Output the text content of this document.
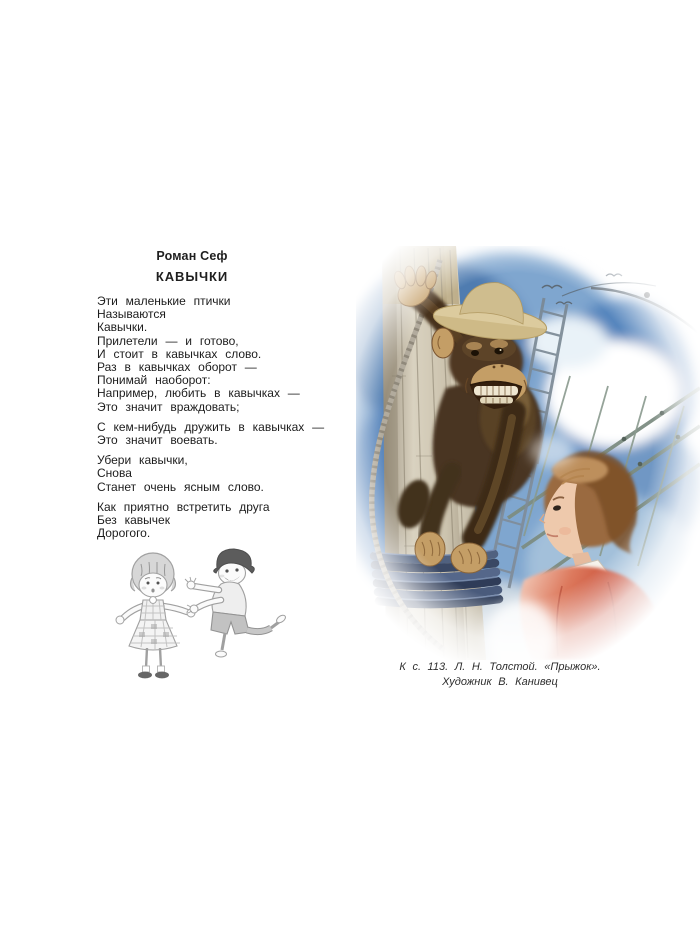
Роман Сеф
КАВЫЧКИ
Эти маленькие птички
Называются
Кавычки.
Прилетели — и готово,
И стоит в кавычках слово.
Раз в кавычках оборот —
Понимай наоборот:
Например, любить в кавычках —
Это значит враждовать;
С кем-нибудь дружить в кавычках —
Это значит воевать.
Убери кавычки,
Снова
Станет очень ясным слово.
Как приятно встретить друга
Без кавычек
Дорогого.
К с. 113. Л. Н. Толстой. «Прыжок».
Художник В. Канивец
